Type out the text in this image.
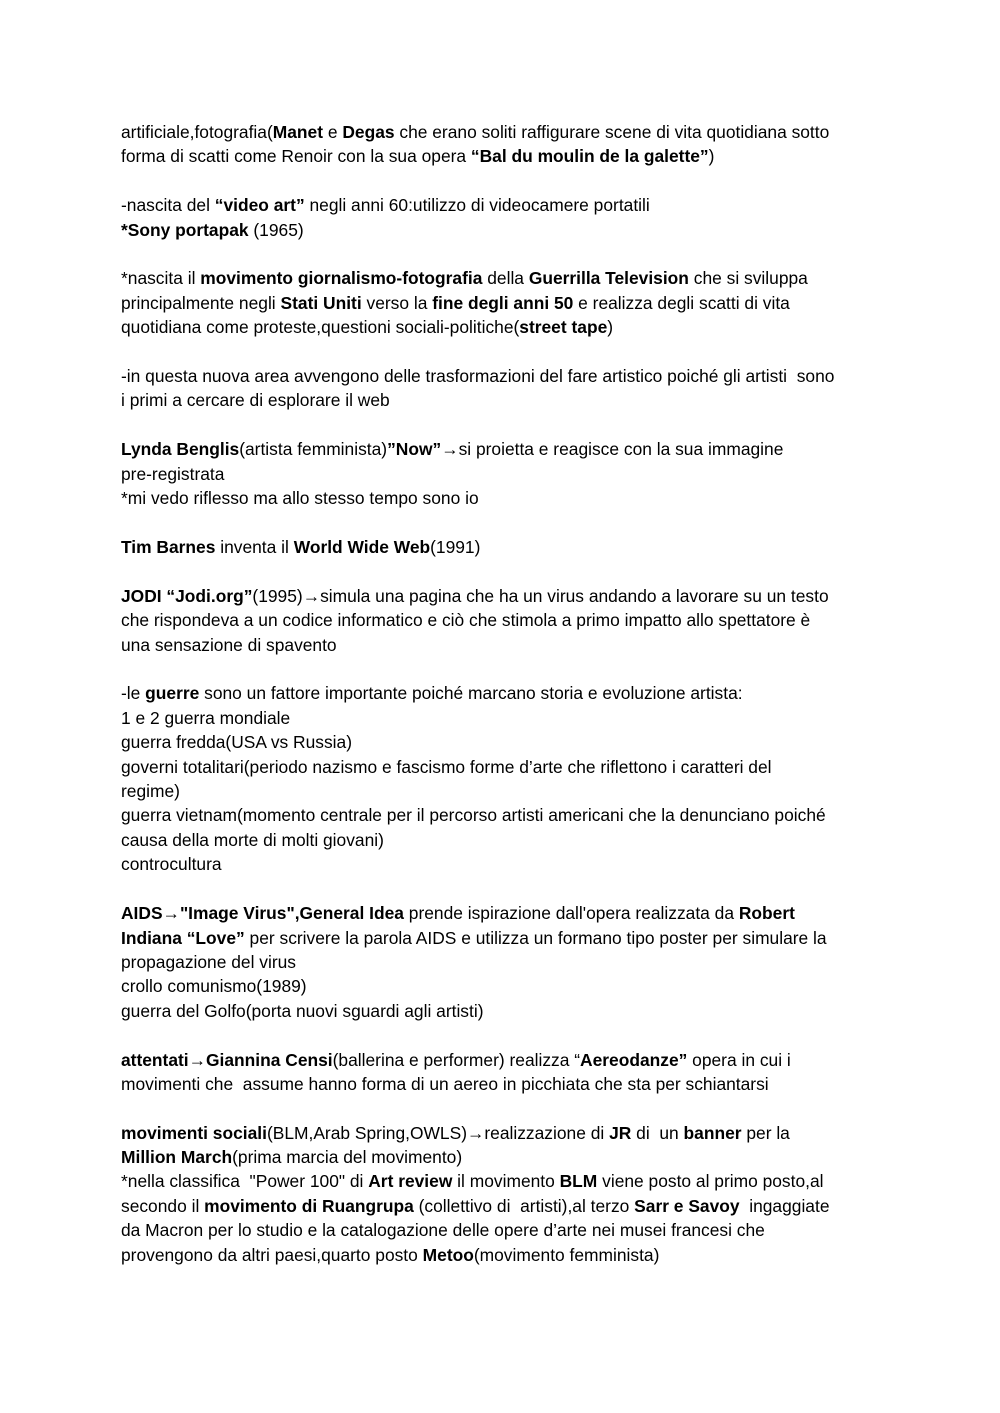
artificiale,fotografia(Manet e Degas che erano soliti raffigurare scene di vita quotidiana sotto
forma di scatti come Renoir con la sua opera “Bal du moulin de la galette”)
-nascita del “video art” negli anni 60:utilizzo di videocamere portatili
*Sony portapak (1965)
*nascita il movimento giornalismo-fotografia della Guerrilla Television che si sviluppa
principalmente negli Stati Uniti verso la fine degli anni 50 e realizza degli scatti di vita
quotidiana come proteste,questioni sociali-politiche(street tape)
-in questa nuova area avvengono delle trasformazioni del fare artistico poiché gli artisti  sono
i primi a cercare di esplorare il web
Lynda Benglis(artista femminista)”Now”→si proietta e reagisce con la sua immagine
pre-registrata
*mi vedo riflesso ma allo stesso tempo sono io
Tim Barnes inventa il World Wide Web(1991)
JODI “Jodi.org”(1995)→simula una pagina che ha un virus andando a lavorare su un testo
che rispondeva a un codice informatico e ciò che stimola a primo impatto allo spettatore è
una sensazione di spavento
-le guerre sono un fattore importante poiché marcano storia e evoluzione artista:
1 e 2 guerra mondiale
guerra fredda(USA vs Russia)
governi totalitari(periodo nazismo e fascismo forme d’arte che riflettono i caratteri del
regime)
guerra vietnam(momento centrale per il percorso artisti americani che la denunciano poiché
causa della morte di molti giovani)
controcultura
AIDS→"Image Virus",General Idea prende ispirazione dall'opera realizzata da Robert
Indiana “Love” per scrivere la parola AIDS e utilizza un formano tipo poster per simulare la
propagazione del virus
crollo comunismo(1989)
guerra del Golfo(porta nuovi sguardi agli artisti)
attentati→Giannina Censi(ballerina e performer) realizza “Aereodanze” opera in cui i
movimenti che  assume hanno forma di un aereo in picchiata che sta per schiantarsi
movimenti sociali(BLM,Arab Spring,OWLS)→realizzazione di JR di  un banner per la
Million March(prima marcia del movimento)
*nella classifica  "Power 100" di Art review il movimento BLM viene posto al primo posto,al
secondo il movimento di Ruangrupa (collettivo di  artisti),al terzo Sarr e Savoy  ingaggiate
da Macron per lo studio e la catalogazione delle opere d’arte nei musei francesi che
provengono da altri paesi,quarto posto Metoo(movimento femminista)
